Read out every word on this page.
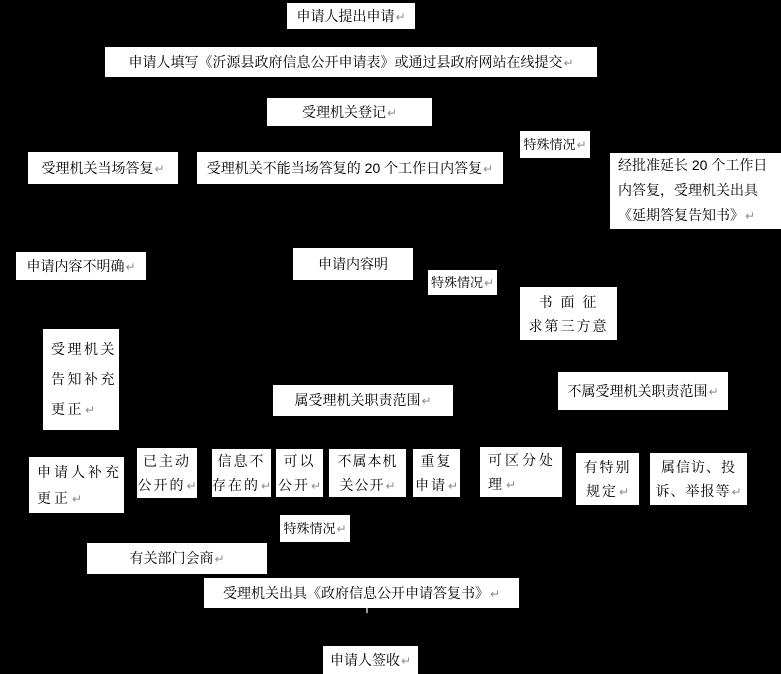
申请人提出申请↵
申请人填写《沂源县政府信息公开申请表》或通过县政府网站在线提交↵
受理机关登记↵
特殊情况↵
受理机关当场答复↵	受理机关不能当场答复的 20 个工作日内答复↵	经批准延长 20 个工作日
内答复，受理机关出具
《延期答复告知书》↵
申请内容不明确↵	申请内容明
特殊情况↵
书 面 征
求第三方意
受理机关
告知补充
更正↵
属受理机关职责范围↵
不属受理机关职责范围↵
申请人补充
更正↵
已主动
公开的↵
信息不
存在的↵
可以
公开↵
不属本机
关公开↵
重复
申请↵
可区分处
理↵
有特别
规定↵
属信访、投
诉、举报等↵
特殊情况↵
有关部门会商↵
受理机关出具《政府信息公开申请答复书》↵
申请人签收↵
